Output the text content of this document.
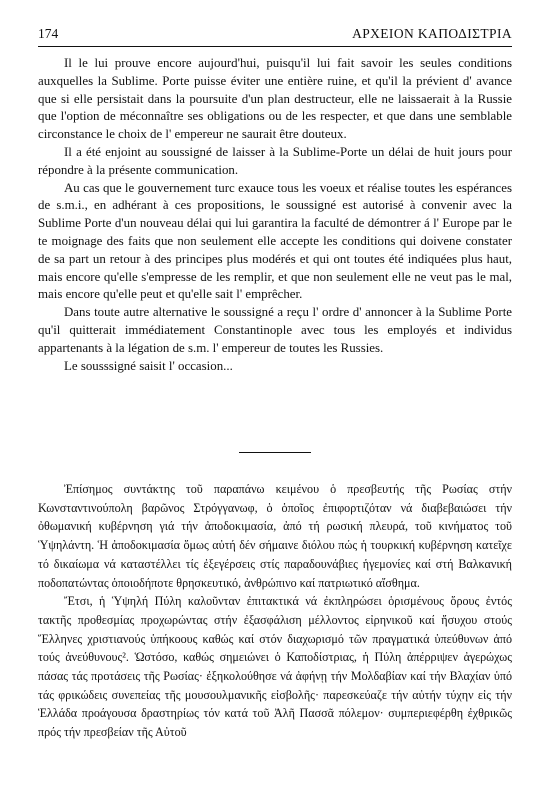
174	ΑΡΧΕΙΟΝ ΚΑΠΟΔΙΣΤΡΙΑ

Il le lui prouve encore aujourd'hui, puisqu'il lui fait savoir les seules conditions auxquelles la Sublime. Porte puisse éviter une entière ruine, et qu'il la prévient d' avance que si elle persistait dans la poursuite d'un plan destructeur, elle ne laissaerait à la Russie que l'option de méconnaître ses obligations ou de les respecter, et que dans une semblable circonstance le choix de l' empereur ne saurait être douteux.

Il a été enjoint au soussigné de laisser à la Sublime-Porte un délai de huit jours pour répondre à la présente communication.

Au cas que le gouvernement turc exauce tous les voeux et réalise toutes les espérances de s.m.i., en adhérant à ces propositions, le soussigné est autorisé à convenir avec la Sublime Porte d'un nouveau délai qui lui garantira la faculté de démontrer á l' Europe par le te moignage des faits que non seulement elle accepte les conditions qui doivene constater de sa part un retour à des principes plus modérés et qui ont toutes été indiquées plus haut, mais encore qu'elle s'empresse de les remplir, et que non seulement elle ne veut pas le mal, mais encore qu'elle peut et qu'elle sait l' emprêcher.

Dans toute autre alternative le soussigné a reçu l' ordre d' annoncer à la Sublime Porte qu'il quitterait immédiatement Constantinople avec tous les employés et individus appartenants à la légation de s.m. l' empereur de toutes les Russies.

Le sousssigné saisit l' occasion...

Ἐπίσημος συντάκτης τοῦ παραπάνω κειμένου ὁ πρεσβευτής τῆς Ρωσίας στήν Κωνσταντινούπολη βαρῶνος Στρόγγανωφ, ὁ ὁποῖος ἐπιφορτιζόταν νά διαβεβαιώσει τήν ὀθωμανική κυβέρνηση γιά τήν ἀποδοκιμασία, ἀπό τή ρωσική πλευρά, τοῦ κινήματος τοῦ Ὑψηλάντη. Ἡ ἀποδοκιμασία ὅμως αὐτή δέν σήμαινε διόλου πώς ἡ τουρκική κυβέρνηση κατεῖχε τό δικαίωμα νά καταστέλλει τίς ἐξεγέρσεις στίς παραδουνάβιες ἡγεμονίες καί στή Βαλκανική ποδοπατώντας ὁποιοδήποτε θρησκευτικό, ἀνθρώπινο καί πατριωτικό αἴσθημα.

Ἔτσι, ἡ Ὑψηλή Πύλη καλοῦνταν ἐπιτακτικά νά ἐκπληρώσει ὁρισμένους ὅρους ἐντός τακτῆς προθεσμίας προχωρώντας στήν ἐξασφάλιση μέλλοντος εἰρηνικοῦ καί ἥσυχου στούς Ἕλληνες χριστιανούς ὑπήκοους καθώς καί στόν διαχωρισμό τῶν πραγματικά ὑπεύθυνων ἀπό τούς ἀνεύθυνους². Ὡστόσο, καθώς σημειώνει ὁ Καποδίστριας, ἡ Πύλη ἀπέρριψεν ἀγερώχως πάσας τάς προτάσεις τῆς Ρωσίας· ἐξηκολούθησε νά ἀφήνῃ τήν Μολδαβίαν καί τήν Βλαχίαν ὑπό τάς φρικώδεις συνεπείας τῆς μουσουλμανικῆς εἰσβολῆς· παρεσκεύαζε τήν αὐτήν τύχην εἰς τήν Ἑλλάδα προάγουσα δραστηρίως τόν κατά τοῦ Ἀλῆ Πασσᾶ πόλεμον· συμπεριεφέρθη ἐχθρικῶς πρός τήν πρεσβείαν τῆς Αὐτοῦ
